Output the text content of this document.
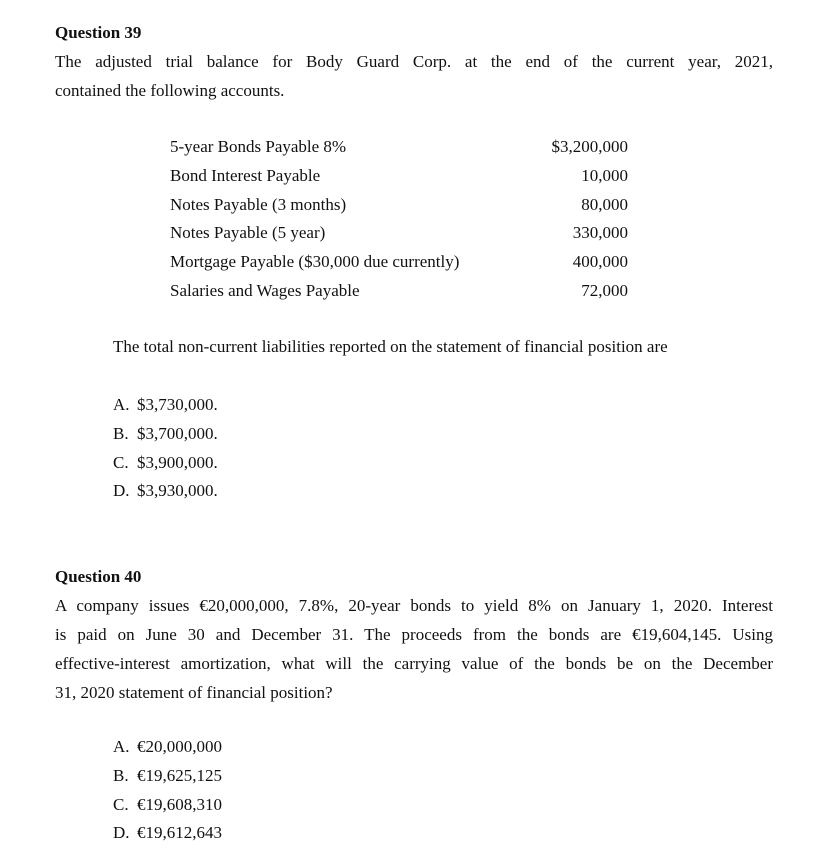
Question 39
The adjusted trial balance for Body Guard Corp. at the end of the current year, 2021,
contained the following accounts.
5-year Bonds Payable 8%	$3,200,000
Bond Interest Payable	10,000
Notes Payable (3 months)	80,000
Notes Payable (5 year)	330,000
Mortgage Payable ($30,000 due currently)	400,000
Salaries and Wages Payable	72,000
The total non-current liabilities reported on the statement of financial position are
A. $3,730,000.
B. $3,700,000.
C. $3,900,000.
D. $3,930,000.
Question 40
A company issues €20,000,000, 7.8%, 20-year bonds to yield 8% on January 1, 2020. Interest
is paid on June 30 and December 31. The proceeds from the bonds are €19,604,145. Using
effective-interest amortization, what will the carrying value of the bonds be on the December
31, 2020 statement of financial position?
A. €20,000,000
B. €19,625,125
C. €19,608,310
D. €19,612,643
